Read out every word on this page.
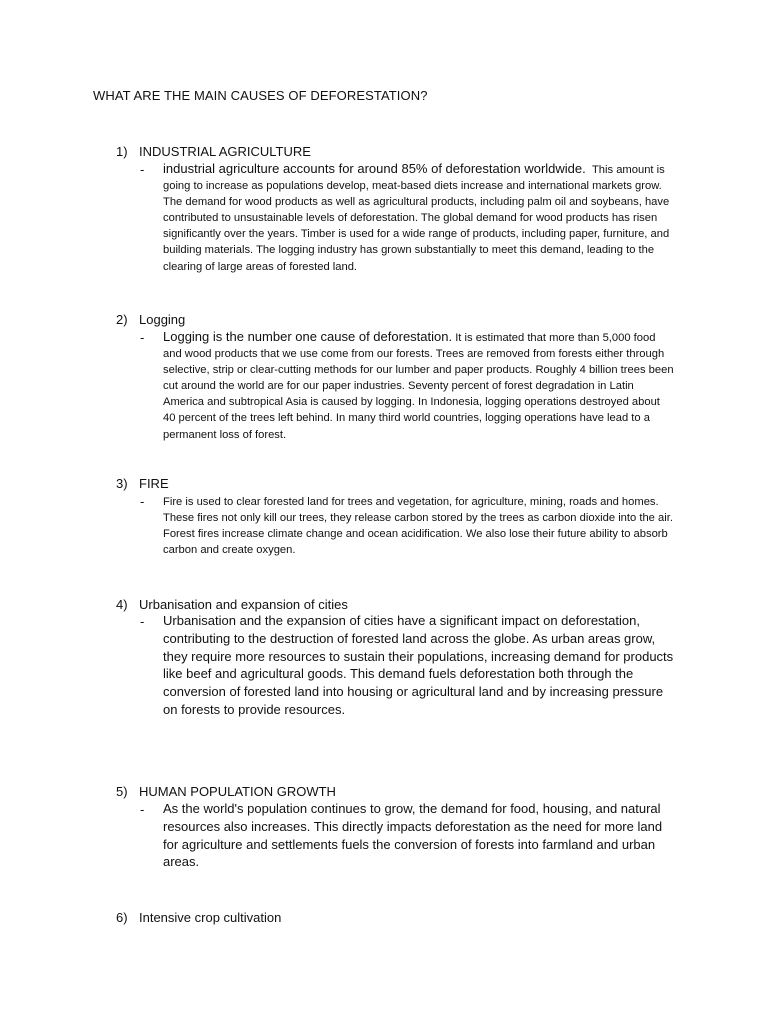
WHAT ARE THE MAIN CAUSES OF DEFORESTATION?
1) INDUSTRIAL AGRICULTURE
- industrial agriculture accounts for around 85% of deforestation worldwide. This amount is going to increase as populations develop, meat-based diets increase and international markets grow. The demand for wood products as well as agricultural products, including palm oil and soybeans, have contributed to unsustainable levels of deforestation. The global demand for wood products has risen significantly over the years. Timber is used for a wide range of products, including paper, furniture, and building materials. The logging industry has grown substantially to meet this demand, leading to the clearing of large areas of forested land.

2) Logging
- Logging is the number one cause of deforestation. It is estimated that more than 5,000 food and wood products that we use come from our forests. Trees are removed from forests either through selective, strip or clear-cutting methods for our lumber and paper products. Roughly 4 billion trees been cut around the world are for our paper industries. Seventy percent of forest degradation in Latin America and subtropical Asia is caused by logging. In Indonesia, logging operations destroyed about 40 percent of the trees left behind. In many third world countries, logging operations have lead to a permanent loss of forest.

3) FIRE
- Fire is used to clear forested land for trees and vegetation, for agriculture, mining, roads and homes. These fires not only kill our trees, they release carbon stored by the trees as carbon dioxide into the air. Forest fires increase climate change and ocean acidification. We also lose their future ability to absorb carbon and create oxygen.

4) Urbanisation and expansion of cities
- Urbanisation and the expansion of cities have a significant impact on deforestation, contributing to the destruction of forested land across the globe. As urban areas grow, they require more resources to sustain their populations, increasing demand for products like beef and agricultural goods. This demand fuels deforestation both through the conversion of forested land into housing or agricultural land and by increasing pressure on forests to provide resources.

5) HUMAN POPULATION GROWTH
- As the world's population continues to grow, the demand for food, housing, and natural resources also increases. This directly impacts deforestation as the need for more land for agriculture and settlements fuels the conversion of forests into farmland and urban areas.

6) Intensive crop cultivation
